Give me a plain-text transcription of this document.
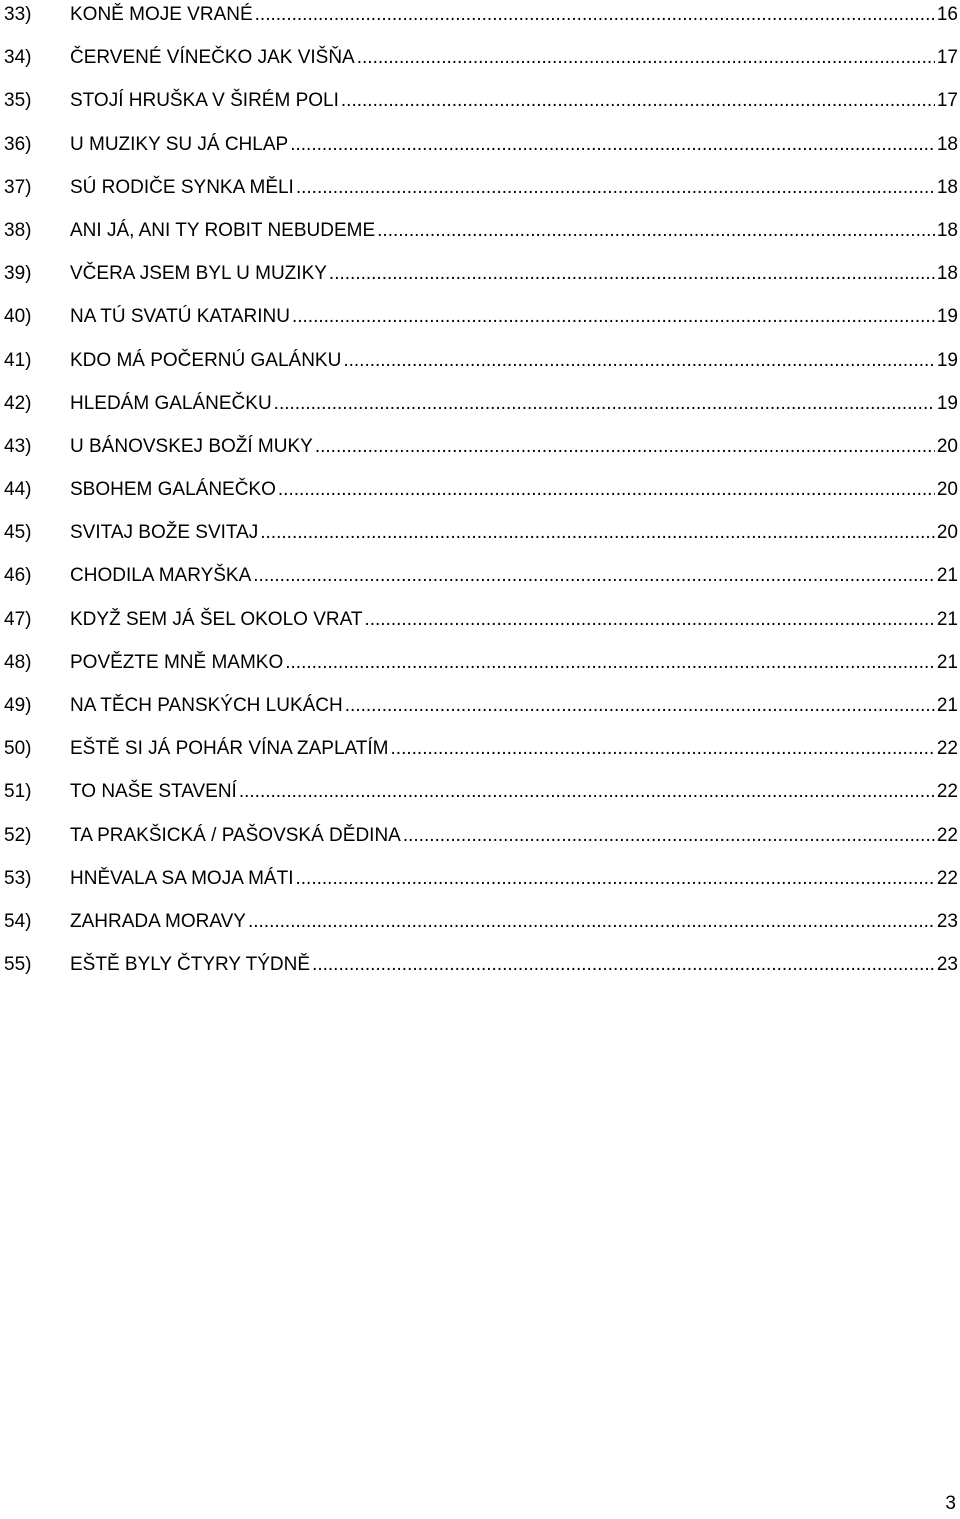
33)	KONĚ MOJE VRANÉ .....	16
34)	ČERVENÉ VÍNEČKO JAK VIŠŇA .....	17
35)	STOJÍ HRUŠKA V ŠIRÉM POLI .....	17
36)	U MUZIKY SU JÁ CHLAP .....	18
37)	SÚ RODIČE SYNKA MĚLI .....	18
38)	ANI JÁ, ANI TY ROBIT NEBUDEME .....	18
39)	VČERA JSEM BYL U MUZIKY .....	18
40)	NA TÚ SVATÚ KATARINU .....	19
41)	KDO MÁ POČERNÚ GALÁNKU .....	19
42)	HLEDÁM GALÁNEČKU .....	19
43)	U BÁNOVSKEJ BOŽÍ MUKY .....	20
44)	SBOHEM GALÁNEČKO .....	20
45)	SVITAJ BOŽE SVITAJ .....	20
46)	CHODILA MARYŠKA .....	21
47)	KDYŽ SEM JÁ ŠEL OKOLO VRAT .....	21
48)	POVĚZTE MNĚ MAMKO .....	21
49)	NA TĚCH PANSKÝCH LUKÁCH .....	21
50)	EŠTĚ SI JÁ POHÁR VÍNA ZAPLATÍM .....	22
51)	TO NAŠE STAVENÍ .....	22
52)	TA PRAKŠICKÁ / PAŠOVSKÁ DĚDINA .....	22
53)	HNĚVALA SA MOJA MÁTI .....	22
54)	ZAHRADA MORAVY .....	23
55)	EŠTĚ BYLY ČTYRY TÝDNĚ .....	23
3
